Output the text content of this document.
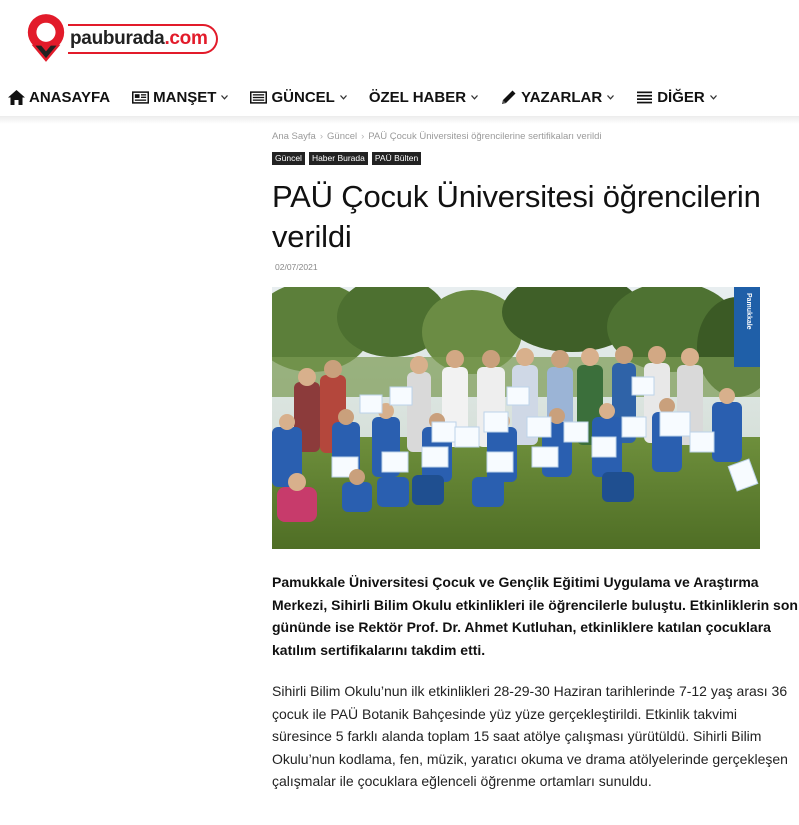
pauburada .com
ANASAYFA	MANŞET	GÜNCEL ÖZEL HABER	YAZARLAR	DİĞER
Ana Sayfa › Güncel › PAÜ Çocuk Üniversitesi öğrencilerine sertifikaları verildi
Güncel	Haber Burada	PAÜ Bülten
PAÜ Çocuk Üniversitesi öğrencilerin
verildi
02/07/2021
Pamukkale

Pamukkale Üniversitesi Çocuk ve Gençlik Eğitimi Uygulama ve Araştırma Merkezi, Sihirli Bilim Okulu etkinlikleri ile öğrencilerle buluştu. Etkinliklerin son gününde ise Rektör Prof. Dr. Ahmet Kutluhan, etkinliklere katılan çocuklara katılım sertifikalarını takdim etti.

Sihirli Bilim Okulu’nun ilk etkinlikleri 28-29-30 Haziran tarihlerinde 7-12 yaş arası 36 çocuk ile PAÜ Botanik Bahçesinde yüz yüze gerçekleştirildi. Etkinlik takvimi süresince 5 farklı alanda toplam 15 saat atölye çalışması yürütüldü. Sihirli Bilim Okulu’nun kodlama, fen, müzik, yaratıcı okuma ve drama atölyelerinde gerçekleşen çalışmalar ile çocuklara eğlenceli öğrenme ortamları sunuldu.
